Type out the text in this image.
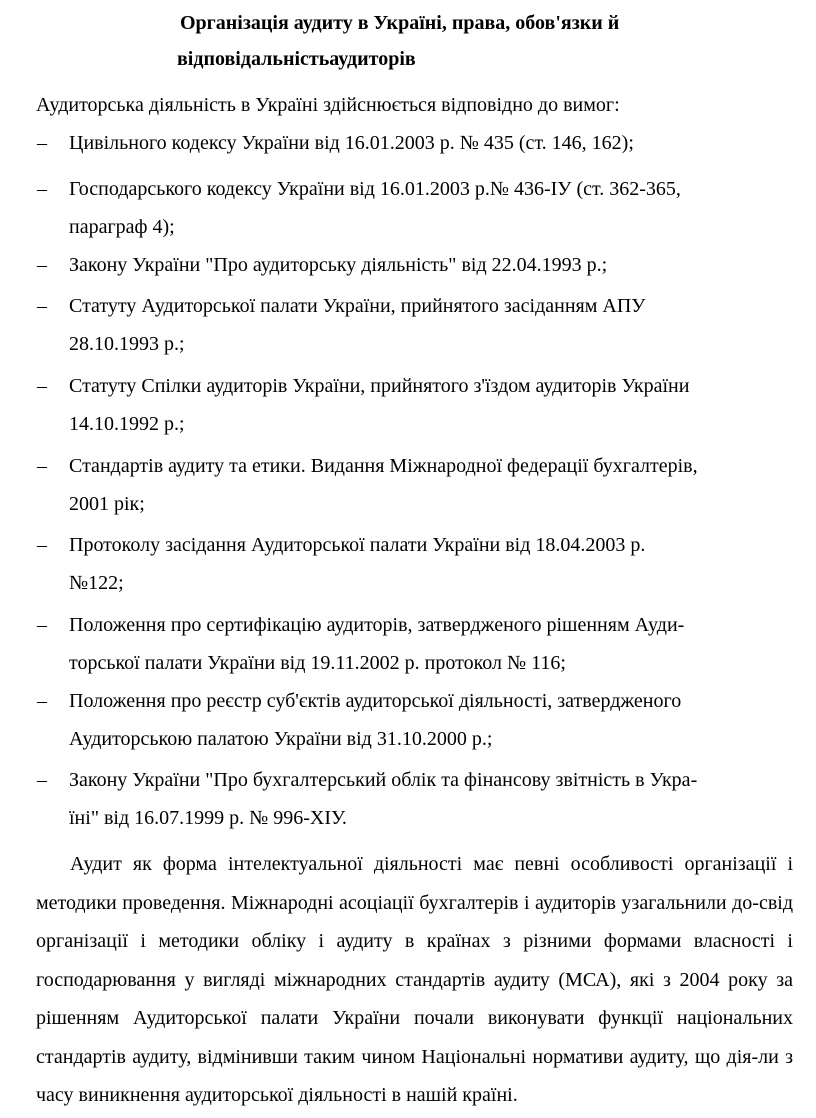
Організація аудиту в Україні, права, обов'язки й
відповідальністьаудиторів
Аудиторська діяльність в Україні здійснюється відповідно до вимог:
– Цивільного кодексу України від 16.01.2003 р. № 435 (ст. 146, 162);
– Господарського кодексу України від 16.01.2003 р.№ 436-ІУ (ст. 362-365,
параграф 4);
– Закону України "Про аудиторську діяльність" від 22.04.1993 р.;
– Статуту Аудиторської палати України, прийнятого засіданням АПУ
28.10.1993 р.;
– Статуту Спілки аудиторів України, прийнятого з'їздом аудиторів України
14.10.1992 р.;
– Стандартів аудиту та етики. Видання Міжнародної федерації бухгалтерів,
2001 рік;
– Протоколу засідання Аудиторської палати України від 18.04.2003 р.
№122;
– Положення про сертифікацію аудиторів, затвердженого рішенням Ауди-
торської палати України від 19.11.2002 р. протокол № 116;
– Положення про реєстр суб'єктів аудиторської діяльності, затвердженого
Аудиторською палатою України від 31.10.2000 р.;
– Закону України "Про бухгалтерський облік та фінансову звітність в Укра-
їні" від 16.07.1999 р. № 996-ХІУ.

Аудит як форма інтелектуальної діяльності має певні особливості організації і методики проведення. Міжнародні асоціації бухгалтерів і аудиторів узагальнили до-свід організації і методики обліку і аудиту в країнах з різними формами власності і господарювання у вигляді міжнародних стандартів аудиту (МСА), які з 2004 року за рішенням Аудиторської палати України почали виконувати функції національних стандартів аудиту, відмінивши таким чином Національні нормативи аудиту, що дія-ли з часу виникнення аудиторської діяльності в нашій країні.
